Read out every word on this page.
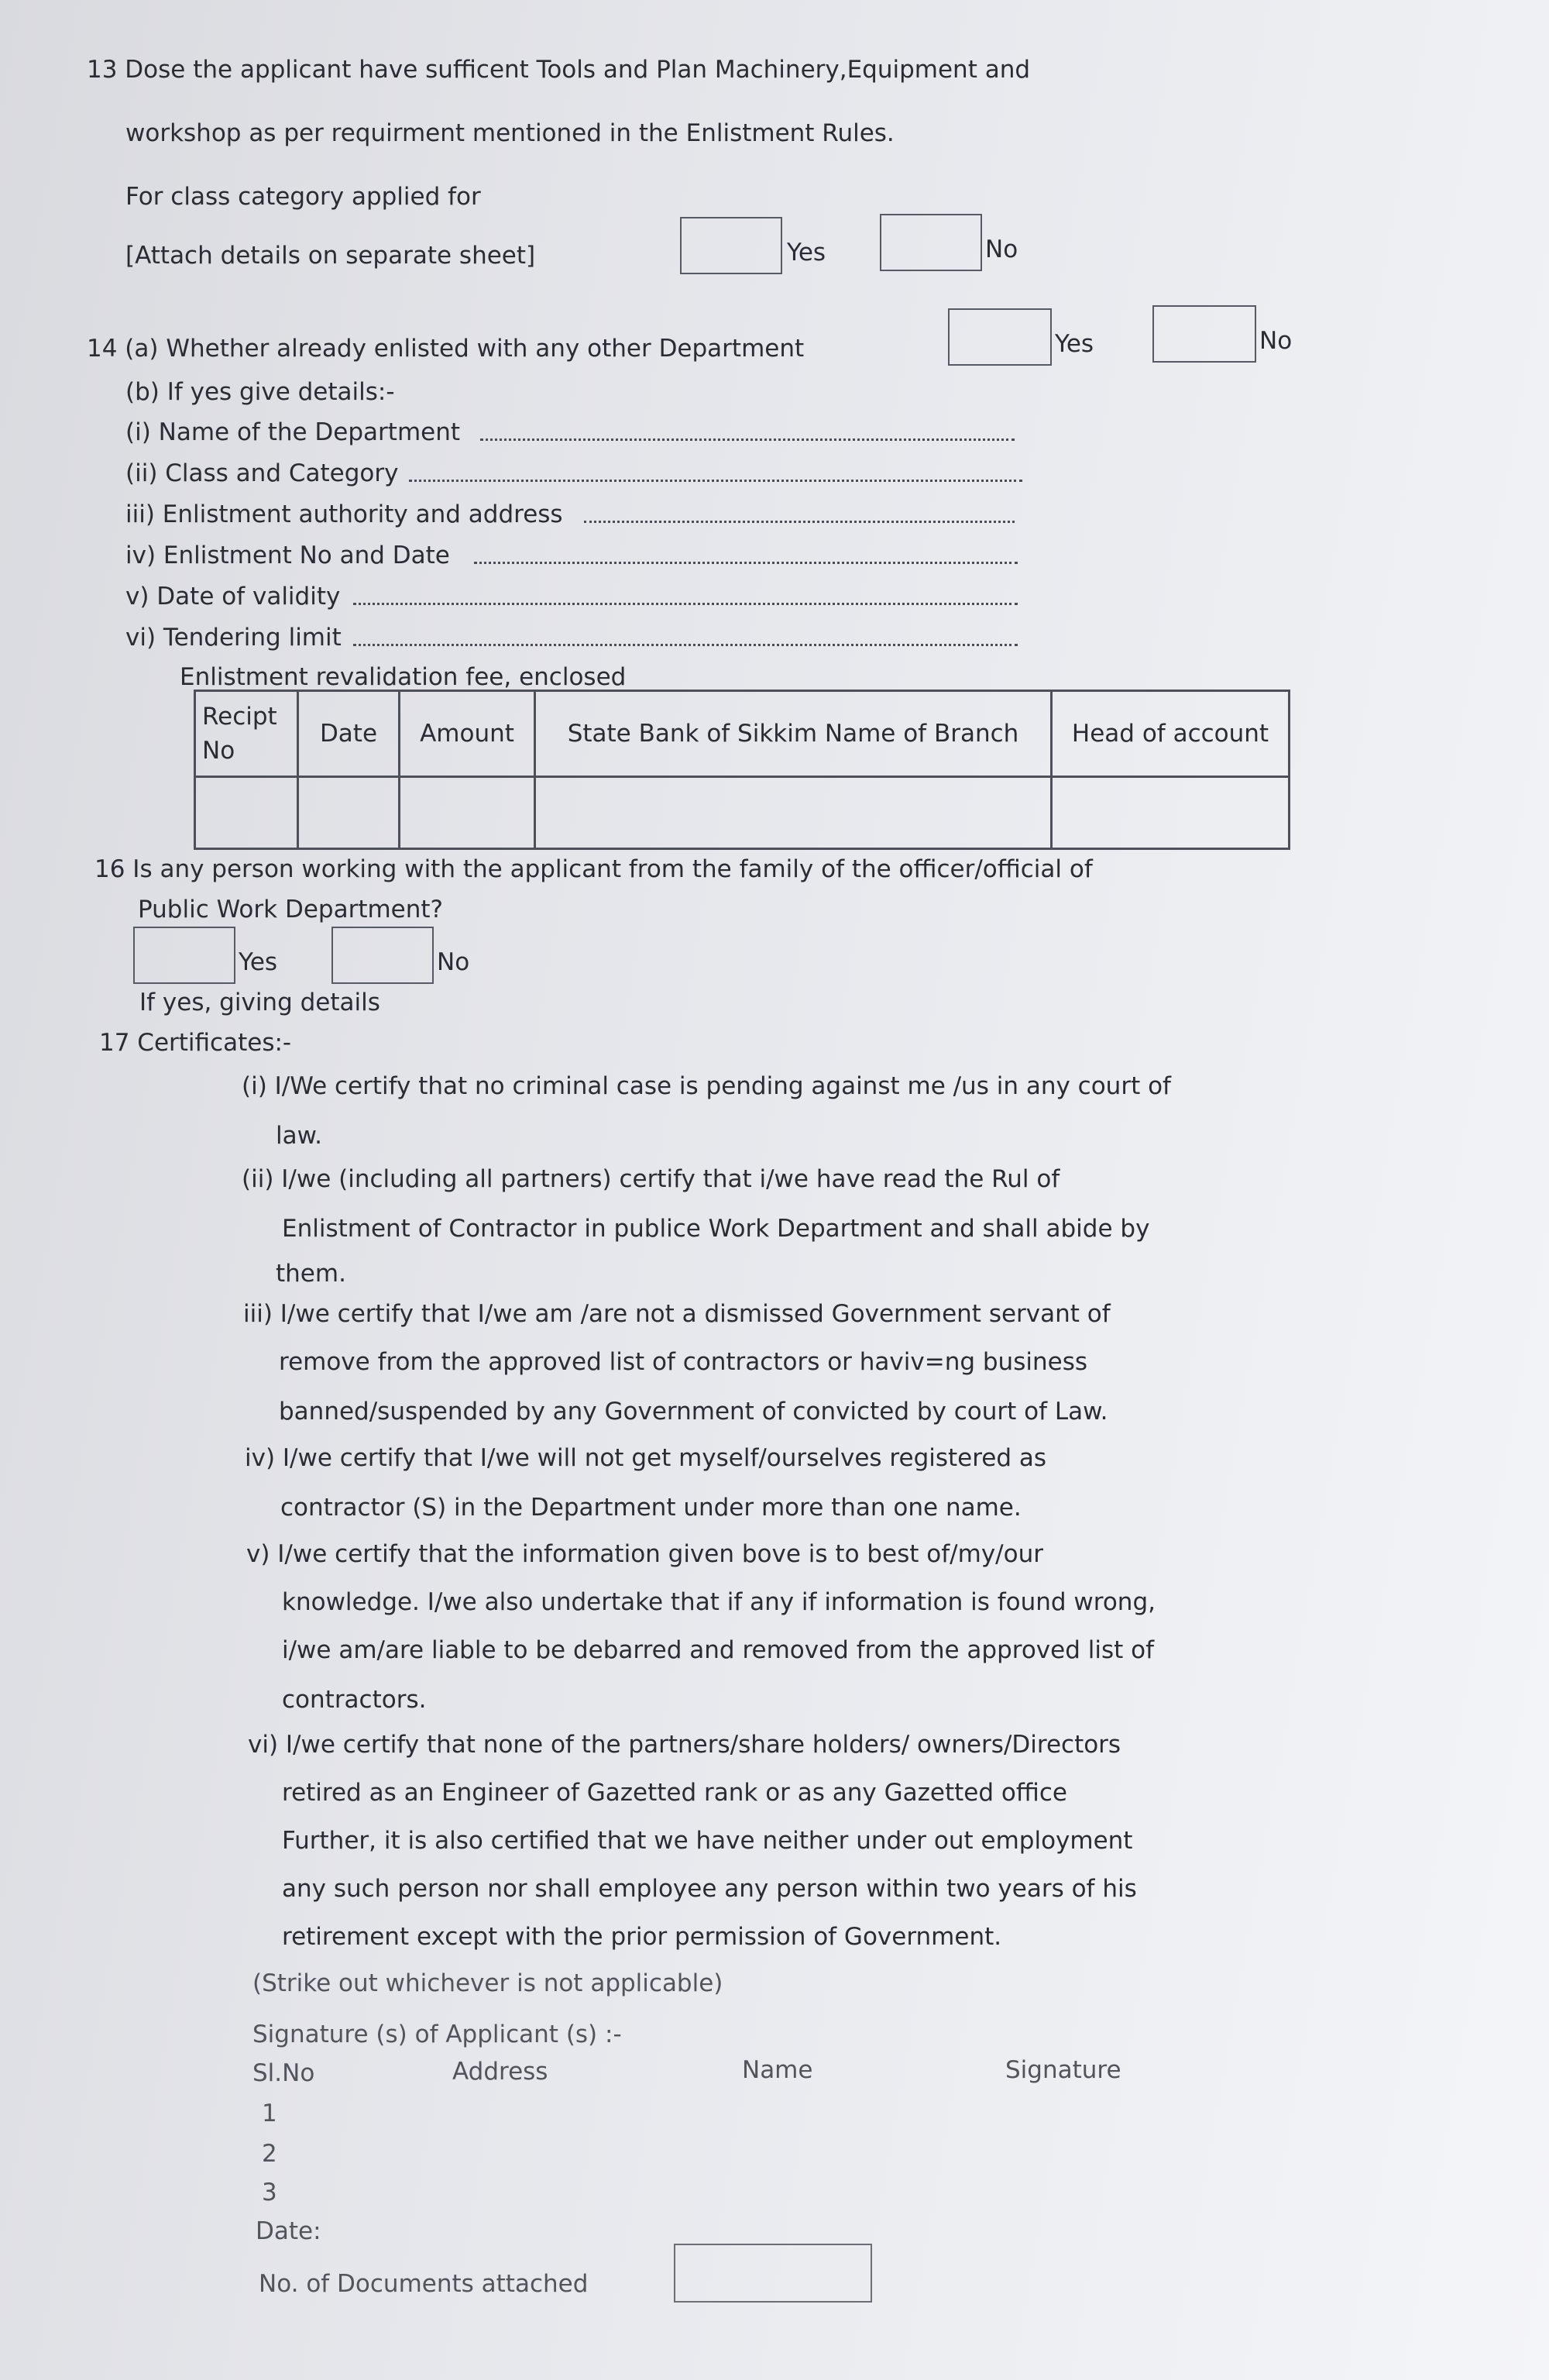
13 Dose the applicant have sufficent Tools and Plan Machinery,Equipment and
workshop as per requirment mentioned in the Enlistment Rules.
For class category applied for
[Attach details on separate sheet]	Yes	No
14 (a) Whether already enlisted with any other Department	Yes	No
(b) If yes give details:-
(i) Name of the Department
(ii) Class and Category
iii) Enlistment authority and address
iv) Enlistment No and Date
v) Date of validity
vi) Tendering limit
Enlistment revalidation fee, enclosed
Recipt No	Date	Amount	State Bank of Sikkim Name of Branch	Head of account

16 Is any person working with the applicant from the family of the officer/official of
Public Work Department?
Yes	No
If yes, giving details
17 Certificates:-
(i) I/We certify that no criminal case is pending against me /us in any court of
law.
(ii) I/we (including all partners) certify that i/we have read the Rul of
Enlistment of Contractor in publice Work Department and shall abide by
them.
iii) I/we certify that I/we am /are not a dismissed Government servant of
remove from the approved list of contractors or haviv=ng business
banned/suspended by any Government of convicted by court of Law.
iv) I/we certify that I/we will not get myself/ourselves registered as
contractor (S) in the Department under more than one name.
v) I/we certify that the information given bove is to best of/my/our
knowledge. I/we also undertake that if any if information is found wrong,
i/we am/are liable to be debarred and removed from the approved list of
contractors.
vi) I/we certify that none of the partners/share holders/ owners/Directors
retired as an Engineer of Gazetted rank or as any Gazetted office
Further, it is also certified that we have neither under out employment
any such person nor shall employee any person within two years of his
retirement except with the prior permission of Government.
(Strike out whichever is not applicable)
Signature (s) of Applicant (s) :-
Sl.No	Address	Name	Signature
1
2
3
Date:
No. of Documents attached
